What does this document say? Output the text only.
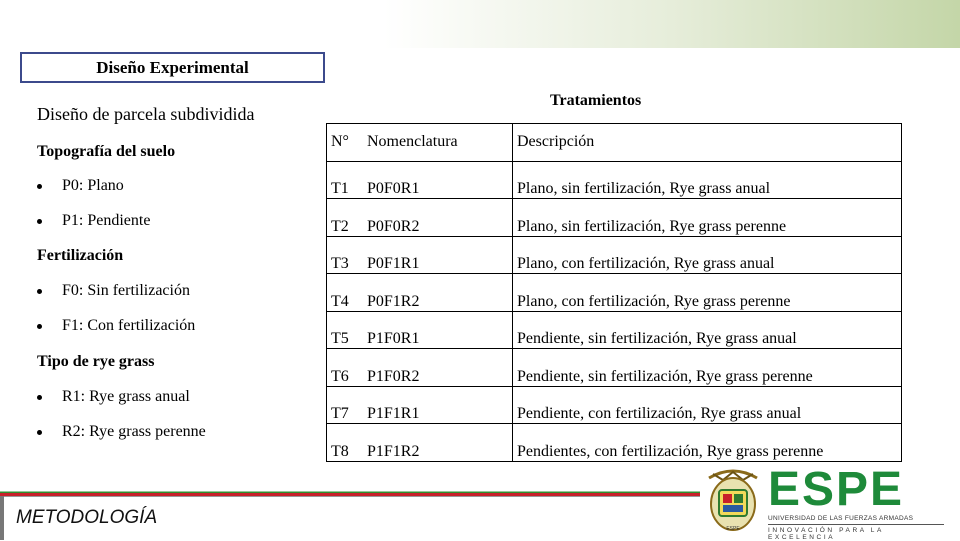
Diseño Experimental
Diseño de parcela subdividida
Topografía del suelo
P0: Plano
P1: Pendiente
Fertilización
F0: Sin fertilización
F1: Con fertilización
Tipo de rye grass
R1: Rye grass anual
R2: Rye grass perenne
Tratamientos
N°	Nomenclatura	Descripción
T1	P0F0R1	Plano, sin fertilización, Rye grass anual
T2	P0F0R2	Plano, sin fertilización, Rye grass perenne
T3	P0F1R1	Plano, con fertilización, Rye grass anual
T4	P0F1R2	Plano, con fertilización, Rye grass perenne
T5	P1F0R1	Pendiente, sin fertilización, Rye grass anual
T6	P1F0R2	Pendiente, sin fertilización, Rye grass perenne
T7	P1F1R1	Pendiente, con fertilización, Rye grass anual
T8	P1F1R2	Pendientes, con fertilización, Rye grass perenne
METODOLOGÍA
ESPE
ESPE
UNIVERSIDAD DE LAS FUERZAS ARMADAS
INNOVACIÓN PARA LA EXCELENCIA
